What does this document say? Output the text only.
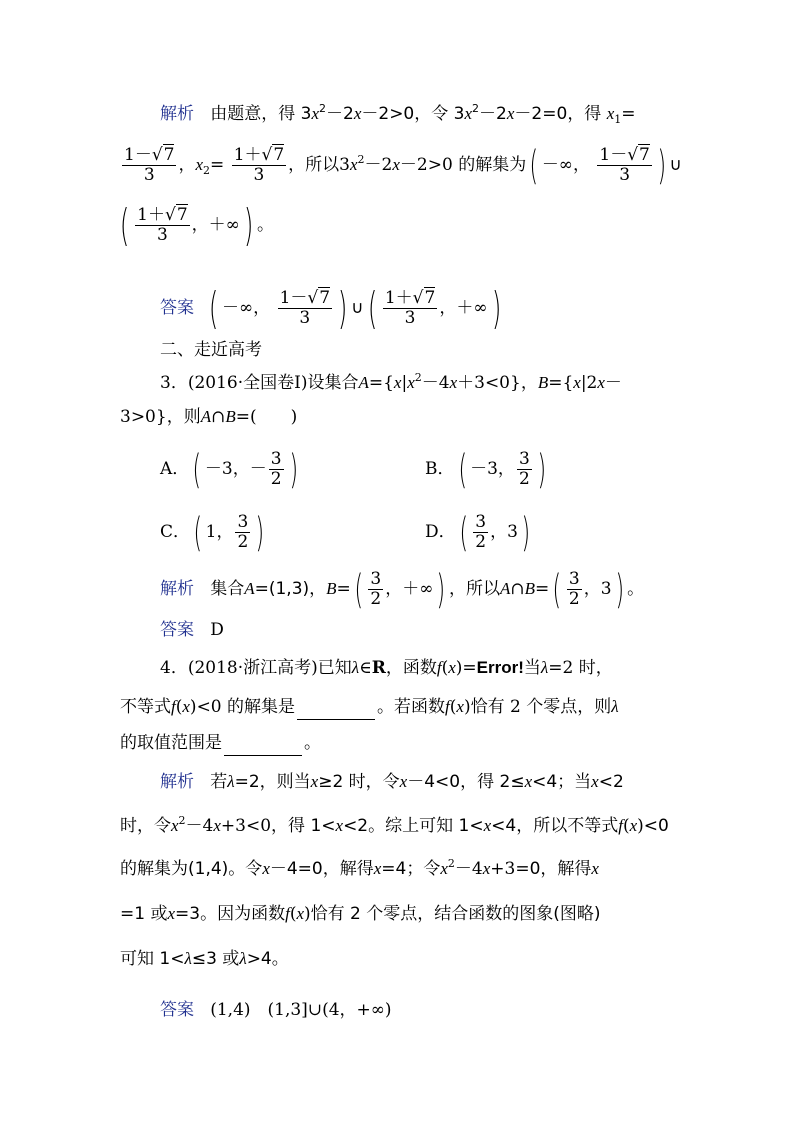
解析 由题意，得 $3x^2-2x-2>0$，令 $3x^2-2x-2=0$，得 $x_1=$
$\frac{1-√7}{3}$ ，$x_2= \frac{1+√7}{3}$ ，所以$3x^2-2x-2>0$ 的解集为( －∞， $\frac{1-√7}{3}$ ) ∪
( $\frac{1+√7}{3}$ ，＋∞) 。
答案 ( －∞， $\frac{1-√7}{3}$ ) ∪( $\frac{1+√7}{3}$ ，＋∞)
二、走近高考
3．(2016·全国卷Ⅰ)设集合$A=\{x|x^2-4x+3<0\}$，B={x|2x－
3>0}，则A∩B=(　　)
A．( －3，－ $\frac{3}{2}$ )	B．( －3， $\frac{3}{2}$ )
C．( 1， $\frac{3}{2}$ )	D．( $\frac{3}{2}$ ，3)
解析 集合A=(1,3)，$B=( \frac{3}{2}$ ，＋∞) ，所以A∩B=( $\frac{3}{2}$ ，3) 。
答案 D
4．(2018·浙江高考)已知λ∈R，函数f(x)=Error!当λ=2 时，
不等式f(x)<0 的解集是	。若函数f(x)恰有 2 个零点，则λ
的取值范围是	。
解析 若λ=2，则当x≥2 时，令x－4<0，得 2≤x<4；当x<2
时，令$x^2-4x+3<0$，得 1<x<2。综上可知 1<x<4，所以不等式f(x)<0
的解集为(1,4)。令x－4=0，解得x=4；令$x^2-4x+3=0$，解得x
=1 或x=3。因为函数f(x)恰有 2 个零点，结合函数的图象(图略)
可知 1<λ≤3 或λ>4。
答案 (1,4)　(1,3]∪(4，+∞)
